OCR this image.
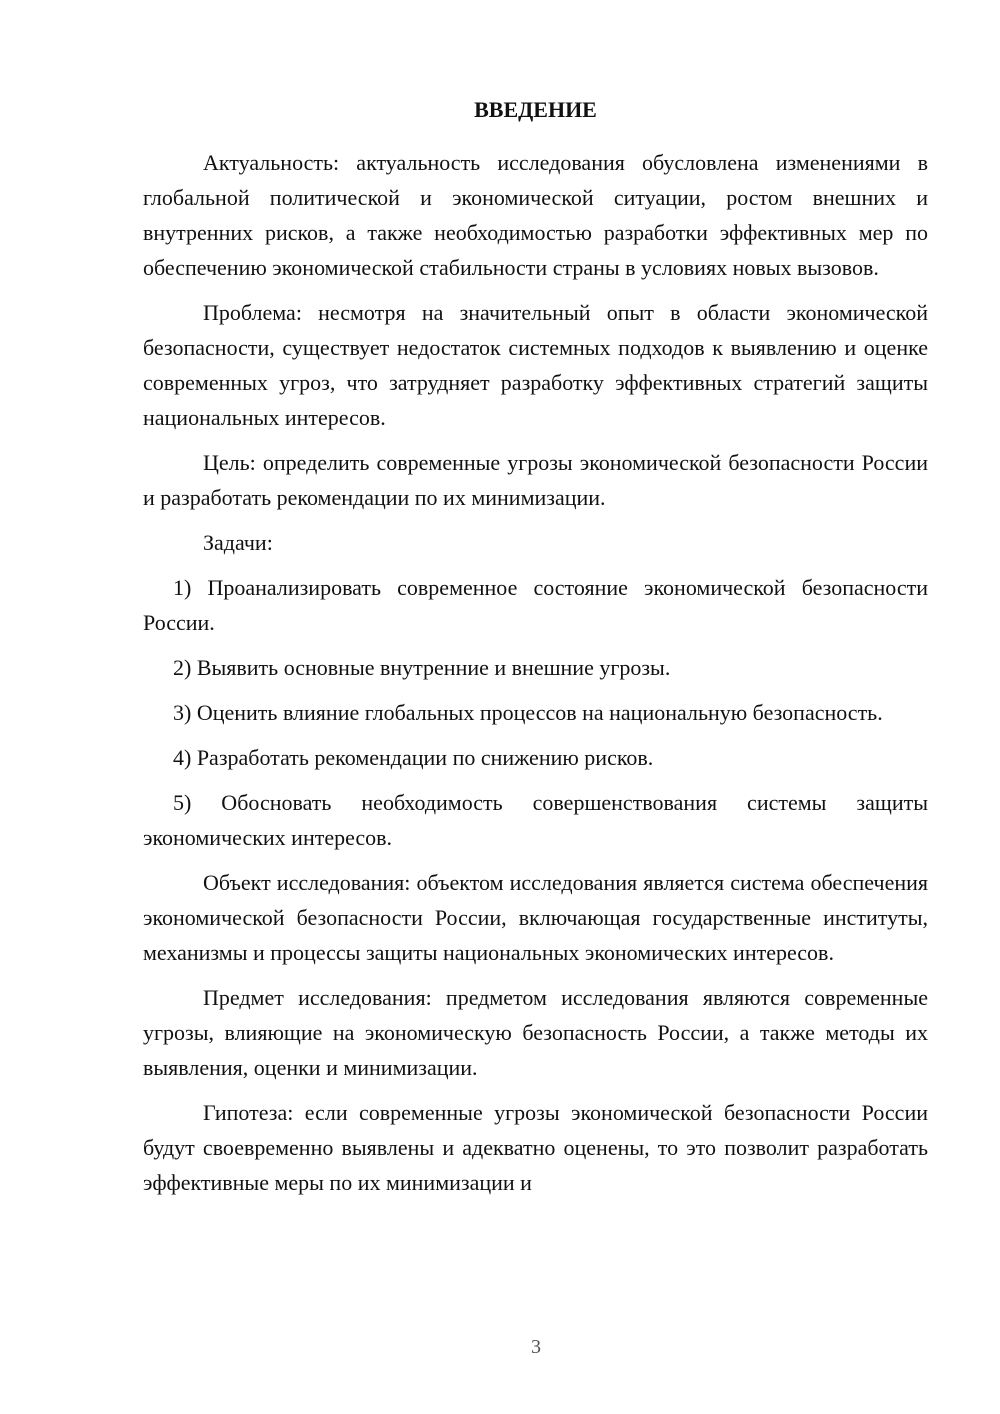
ВВЕДЕНИЕ

Актуальность: актуальность исследования обусловлена изменениями в глобальной политической и экономической ситуации, ростом внешних и внутренних рисков, а также необходимостью разработки эффективных мер по обеспечению экономической стабильности страны в условиях новых вызовов.

Проблема: несмотря на значительный опыт в области экономической безопасности, существует недостаток системных подходов к выявлению и оценке современных угроз, что затрудняет разработку эффективных стратегий защиты национальных интересов.

Цель: определить современные угрозы экономической безопасности России и разработать рекомендации по их минимизации.

Задачи:

1) Проанализировать современное состояние экономической безопасности России.

2) Выявить основные внутренние и внешние угрозы.

3) Оценить влияние глобальных процессов на национальную безопасность.

4) Разработать рекомендации по снижению рисков.

5) Обосновать необходимость совершенствования системы защиты экономических интересов.

Объект исследования: объектом исследования является система обеспечения экономической безопасности России, включающая государственные институты, механизмы и процессы защиты национальных экономических интересов.

Предмет исследования: предметом исследования являются современные угрозы, влияющие на экономическую безопасность России, а также методы их выявления, оценки и минимизации.

Гипотеза: если современные угрозы экономической безопасности России будут своевременно выявлены и адекватно оценены, то это позволит разработать эффективные меры по их минимизации и

3
